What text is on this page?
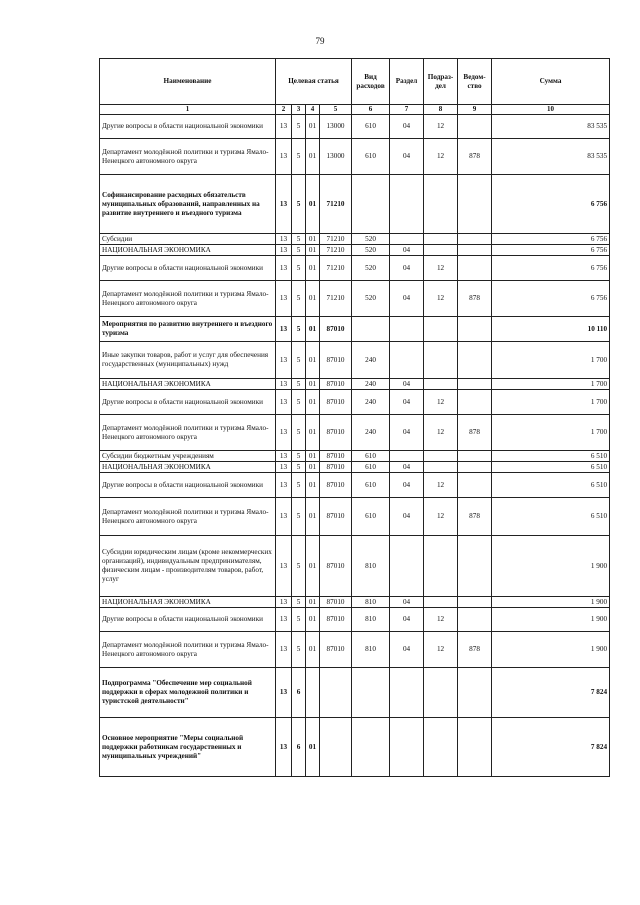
79
Наименование	Целевая статья				Вид расходов	Раздел	Подраз-дел	Ведом-ство	Сумма
1	2	3	4	5	6	7	8	9	10
Другие вопросы в области национальной экономики	13	5	01	13000	610	04	12		83 535
Департамент молодёжной политики и туризма Ямало-Ненецкого автономного округа	13	5	01	13000	610	04	12	878	83 535
Софинансирование расходных обязательств муниципальных образований, направленных на развитие внутреннего и въездного туризма	13	5	01	71210					6 756
Субсидии	13	5	01	71210	520				6 756
НАЦИОНАЛЬНАЯ ЭКОНОМИКА	13	5	01	71210	520	04			6 756
Другие вопросы в области национальной экономики	13	5	01	71210	520	04	12		6 756
Департамент молодёжной политики и туризма Ямало-Ненецкого автономного округа	13	5	01	71210	520	04	12	878	6 756
Мероприятия по развитию внутреннего и въездного туризма	13	5	01	87010					10 110
Иные закупки товаров, работ и услуг для обеспечения государственных (муниципальных) нужд	13	5	01	87010	240				1 700
НАЦИОНАЛЬНАЯ ЭКОНОМИКА	13	5	01	87010	240	04			1 700
Другие вопросы в области национальной экономики	13	5	01	87010	240	04	12		1 700
Департамент молодёжной политики и туризма Ямало-Ненецкого автономного округа	13	5	01	87010	240	04	12	878	1 700
Субсидии бюджетным учреждениям	13	5	01	87010	610				6 510
НАЦИОНАЛЬНАЯ ЭКОНОМИКА	13	5	01	87010	610	04			6 510
Другие вопросы в области национальной экономики	13	5	01	87010	610	04	12		6 510
Департамент молодёжной политики и туризма Ямало-Ненецкого автономного округа	13	5	01	87010	610	04	12	878	6 510
Субсидии юридическим лицам (кроме некоммерческих организаций), индивидуальным предпринимателям, физическим лицам - производителям товаров, работ, услуг	13	5	01	87010	810				1 900
НАЦИОНАЛЬНАЯ ЭКОНОМИКА	13	5	01	87010	810	04			1 900
Другие вопросы в области национальной экономики	13	5	01	87010	810	04	12		1 900
Департамент молодёжной политики и туризма Ямало-Ненецкого автономного округа	13	5	01	87010	810	04	12	878	1 900
Подпрограмма "Обеспечение мер социальной поддержки в сферах молодежной политики и туристской деятельности"	13	6							7 824
Основное мероприятие "Меры социальной поддержки работникам государственных и муниципальных учреждений"	13	6	01						7 824
